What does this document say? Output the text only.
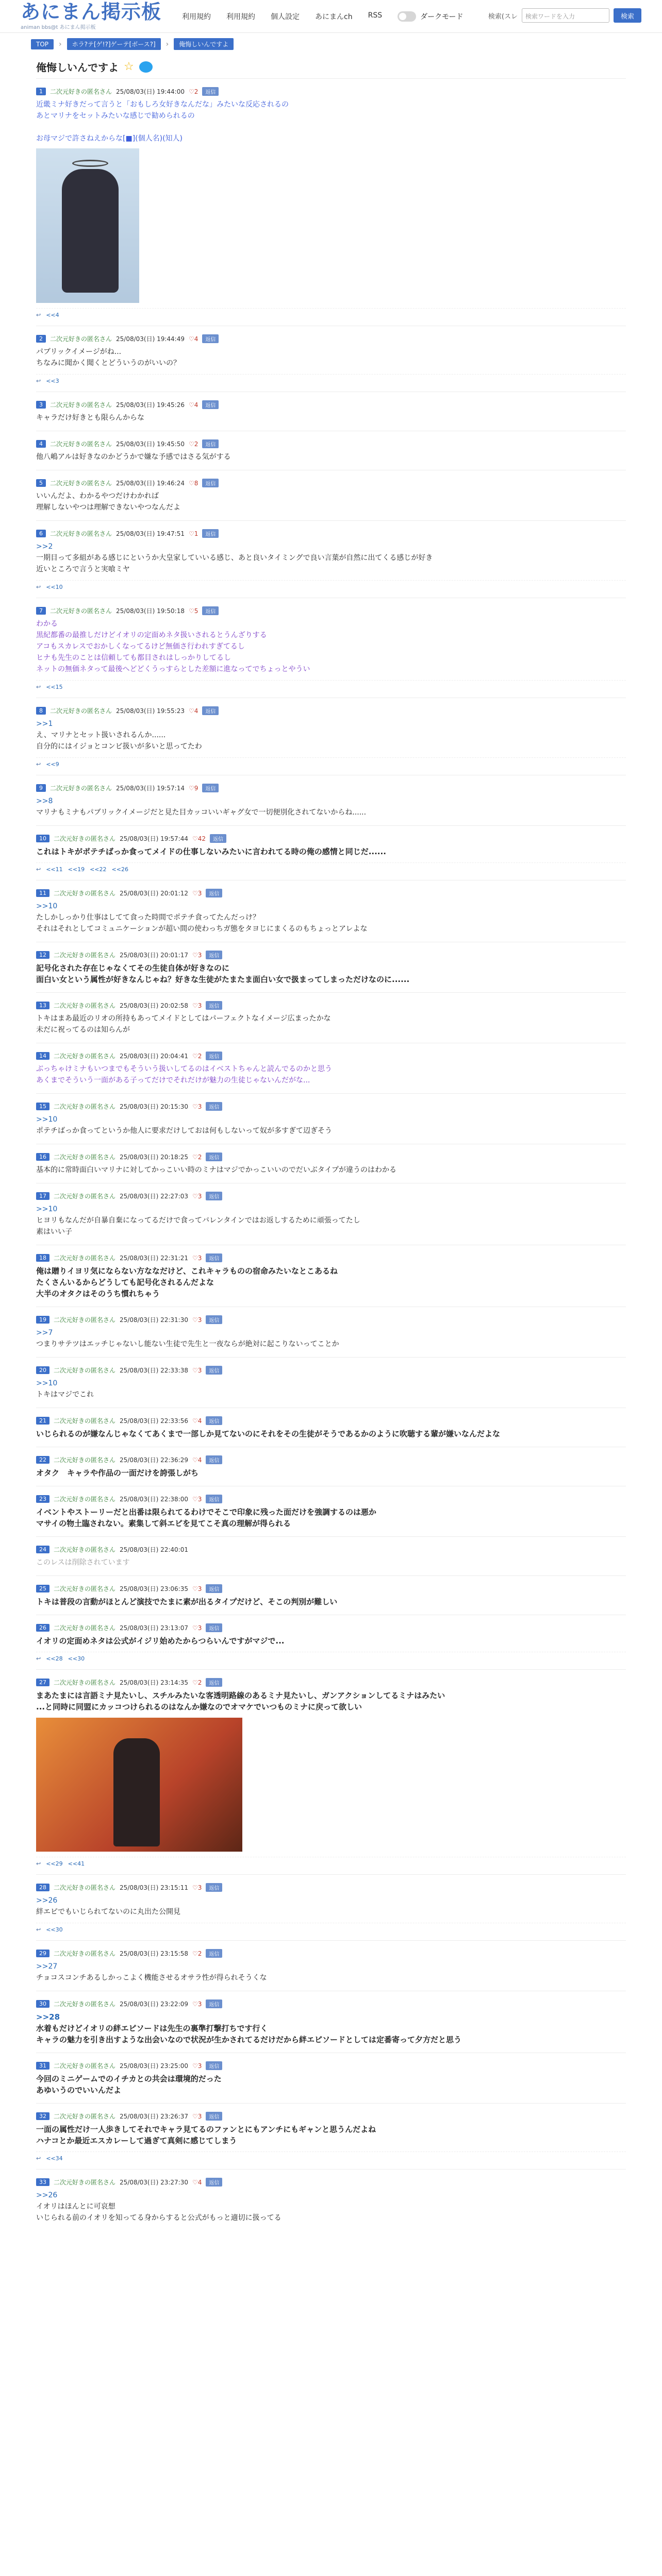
あにまん掲示板
animan bbs@t あにまん掲示板
利用規約 利用規約 個人設定 あにまんch RSS	ダークモード	検索(スレ	検索ワードを入力	検索
TOP	›	ホラ?テ[ゲ!?]ゲーテ[ボース?]	›	俺悔しいんですよ
俺悔しいんですよ ☆
1	二次元好きの匿名さん 25/08/03(日) 19:44:00 ♡2	返信
近畿ミナ好きだって言うと「おもしろ女好きなんだな」みたいな反応されるの
あとマリナをセットみたいな感じで勧められるの

お母マジで許さねえからな[■](個人名)(知人)
↩ <<4
2	二次元好きの匿名さん 25/08/03(日) 19:44:49 ♡4	返信
パブリックイメージがね...
ちなみに聞かく聞くとどういうのがいいの？
↩ <<3
3	二次元好きの匿名さん 25/08/03(日) 19:45:26 ♡4	返信
キャラだけ好きとも限らんからな
4	二次元好きの匿名さん 25/08/03(日) 19:45:50 ♡2	返信
他八嶋アルは好きなのかどうかで嫌な予感ではさる気がする
5	二次元好きの匿名さん 25/08/03(日) 19:46:24 ♡8	返信
いいんだよ、わかるやつだけわかれば
理解しないやつは理解できないやつなんだよ
6	二次元好きの匿名さん 25/08/03(日) 19:47:51 ♡1	返信
>>2
一期目って多組がある感じにというか大皇家していいる感じ、あと良いタイミングで良い言葉が自然に出てくる感じが好き
近いところで言うと実喰ミヤ
↩ <<10
7	二次元好きの匿名さん 25/08/03(日) 19:50:18 ♡5	返信
わかる
黒紀都番の最推しだけどイオリの定面めネタ扱いされるとうんざりする
アコもスカレスでおかしくなってるけど無価さ行われすぎてるし
ヒナも先生のことは信頼しても都目されはしっかりしてるし
ネットの無価ネタって最後へどどくうっすらとした差額に進なってでちょっとやうい
↩ <<15
8	二次元好きの匿名さん 25/08/03(日) 19:55:23 ♡4	返信
>>1
え、マリナとセット扱いされるんか......
自分的にはイジョとコンビ扱いが多いと思ってたわ
↩ <<9
9	二次元好きの匿名さん 25/08/03(日) 19:57:14 ♡9	返信
>>8
マリナもミナもパブリックイメージだと見た目カッコいいギャグ女で一切便別化されてないからね......
10	二次元好きの匿名さん 25/08/03(日) 19:57:44 ♡42	返信
これはトキがポテチばっか食ってメイドの仕事しないみたいに言われてる時の俺の感情と同じだ......
↩ <<11 <<19 <<22 <<26
11	二次元好きの匿名さん 25/08/03(日) 20:01:12 ♡3	返信
>>10
たしかしっかり仕事はしてて食った時間でポテチ食ってたんだっけ？
それはそれとしてコミュニケーションが超い間の使わっちガ態をタヨじにまくるのもちょっとアレよな
12	二次元好きの匿名さん 25/08/03(日) 20:01:17 ♡3	返信
記号化された存在じゃなくてその生徒自体が好きなのに
面白い女という属性が好きなんじゃね？好きな生徒がたまたま面白い女で扱まってしまっただけなのに......
13	二次元好きの匿名さん 25/08/03(日) 20:02:58 ♡3	返信
トキはまあ最近のリオの所持もあってメイドとしてはパーフェクトなイメージ広まったかな
未だに祝ってるのは知らんが
14	二次元好きの匿名さん 25/08/03(日) 20:04:41 ♡2	返信
ぶっちゃけミナもいつまでもそういう扱いしてるのはイベストちゃんと読んでるのかと思う
あくまでそういう一面がある子ってだけでそれだけが魅力の生徒じゃないんだがな...
15	二次元好きの匿名さん 25/08/03(日) 20:15:30 ♡3	返信
>>10
ポテチばっか食ってというか他人に要求だけしておは何もしないって奴が多すぎて辺ぎそう
16	二次元好きの匿名さん 25/08/03(日) 20:18:25 ♡2	返信
基本的に常時面白いマリナに対してかっこいい時のミナはマジでかっこいいのでだいぶタイプが違うのはわかる
17	二次元好きの匿名さん 25/08/03(日) 22:27:03 ♡3	返信
>>10
ヒヨリもなんだが自暴自棄になってるだけで食ってバレンタインではお返しするために頑張ってたし
素はいい子
18	二次元好きの匿名さん 25/08/03(日) 22:31:21 ♡3	返信
俺は贈りイヨリ気にならない方ななだけど、これキャラものの宿命みたいなとこあるね
たくさんいるからどうしても記号化されるんだよな
大半のオタクはそのうち慣れちゃう
19	二次元好きの匿名さん 25/08/03(日) 22:31:30 ♡3	返信
>>7
つまりサテツはエッチじゃないし能ない生徒で先生と一夜ならが絶対に起こりないってことか
20	二次元好きの匿名さん 25/08/03(日) 22:33:38 ♡3	返信
>>10
トキはマジでこれ
21	二次元好きの匿名さん 25/08/03(日) 22:33:56 ♡4	返信
いじられるのが嫌なんじゃなくてあくまで一部しか見てないのにそれをその生徒がそうであるかのように吹聴する輩が嫌いなんだよな
22	二次元好きの匿名さん 25/08/03(日) 22:36:29 ♡4	返信
オタク　キャラや作品の一面だけを誇張しがち
23	二次元好きの匿名さん 25/08/03(日) 22:38:00 ♡3	返信
イベントやストーリーだと出番は限られてるわけでそこで印象に残った面だけを強調するのは悪か
マサイの物土臨されない。素集して斜エピを見てこそ真の理解が得られる
24	二次元好きの匿名さん 25/08/03(日) 22:40:01
このレスは削除されています
25	二次元好きの匿名さん 25/08/03(日) 23:06:35 ♡3	返信
トキは普段の言動がほとんど演技でたまに素が出るタイプだけど、そこの判別が難しい
26	二次元好きの匿名さん 25/08/03(日) 23:13:07 ♡3	返信
イオリの定面めネタは公式がイジリ始めたからつらいんですがマジで...
↩ <<28 <<30
27	二次元好きの匿名さん 25/08/03(日) 23:14:35 ♡2	返信
まあたまには言語ミナ見たいし、スチルみたいな客透明路線のあるミナ見たいし、ガンアクションしてるミナはみたい
...と同時に同盟にカッコつけられるのはなんか嫌なのでオマケでいつものミナに戻って欲しい
↩ <<29 <<41
28	二次元好きの匿名さん 25/08/03(日) 23:15:11 ♡3	返信
>>26
絆エピでもいじられてないのに丸出た公開見
↩ <<30
29	二次元好きの匿名さん 25/08/03(日) 23:15:58 ♡2	返信
>>27
チョコスコンチあるしかっこよく機能させるオサラ性が得られそうくな
30	二次元好きの匿名さん 25/08/03(日) 23:22:09 ♡3	返信
>>28
水着もだけどイオリの絆エピソードは先生の裏準打撃打ちです行く
キャラの魅力を引き出すような出会いなので状況が生かされてるだけだから絆エピソードとしては定番寄って夕方だと思う
31	二次元好きの匿名さん 25/08/03(日) 23:25:00 ♡3	返信
今回のミニゲームでのイチカとの共会は環境的だった
あゆいうのでいいんだよ
32	二次元好きの匿名さん 25/08/03(日) 23:26:37 ♡3	返信
一面の属性だけ一人歩きしてそれでキャラ見てるのファンとにもアンチにもギャンと思うんだよね
ハナコとか最近エスカレーして過ぎて真剣に感じてしまう
↩ <<34
33	二次元好きの匿名さん 25/08/03(日) 23:27:30 ♡4	返信
>>26
イオリはほんとに可哀想
いじられる前のイオリを知ってる身からすると公式がもっと適切に扱ってる
